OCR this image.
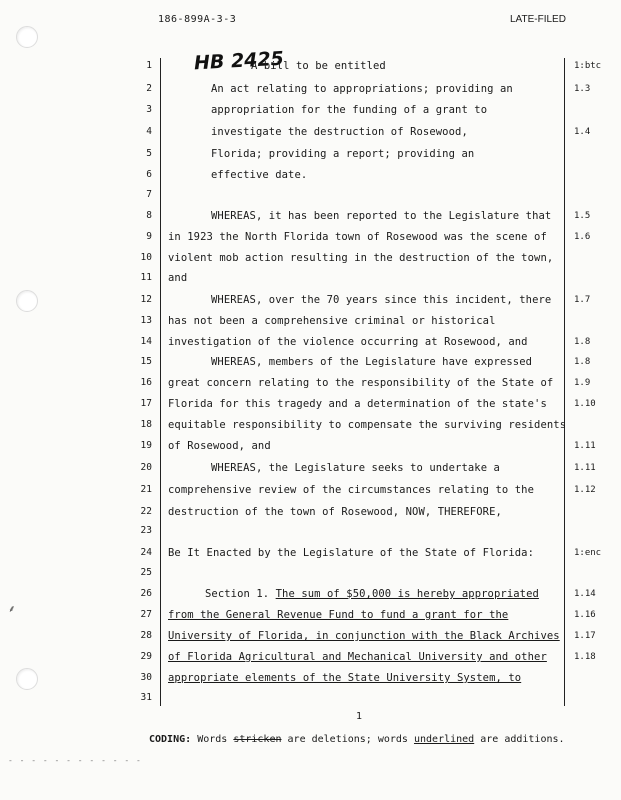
186-899A-3-3	LATE-FILED
HB 2425
1	A bill to be entitled	1:btc
2	An act relating to appropriations; providing an	1.3
3	appropriation for the funding of a grant to
4	investigate the destruction of Rosewood,	1.4
5	Florida; providing a report; providing an
6	effective date.
7
8	WHEREAS, it has been reported to the Legislature that	1.5
9 in 1923 the North Florida town of Rosewood was the scene of	1.6
10 violent mob action resulting in the destruction of the town,
11 and
12	WHEREAS, over the 70 years since this incident, there	1.7
13 has not been a comprehensive criminal or historical
14 investigation of the violence occurring at Rosewood, and	1.8
15	WHEREAS, members of the Legislature have expressed	1.8
16 great concern relating to the responsibility of the State of 1.9
17 Florida for this tragedy and a determination of the state's	1.10
18 equitable responsibility to compensate the surviving residents
19 of Rosewood, and	1.11
20	WHEREAS, the Legislature seeks to undertake a	1.11
21 comprehensive review of the circumstances relating to the	1.12
22 destruction of the town of Rosewood, NOW, THEREFORE,
23
24 Be It Enacted by the Legislature of the State of Florida:	1:enc
25
26	Section 1. The sum of $50,000 is hereby appropriated	1.14
27 from the General Revenue Fund to fund a grant for the	1.16
28 University of Florida, in conjunction with the Black Archives 1.17
29 of Florida Agricultural and Mechanical University and other	1.18
30 appropriate elements of the State University System, to
31
⸙
1
CODING: Words stricken are deletions; words underlined are additions.
- - - - - - - - - - - -
